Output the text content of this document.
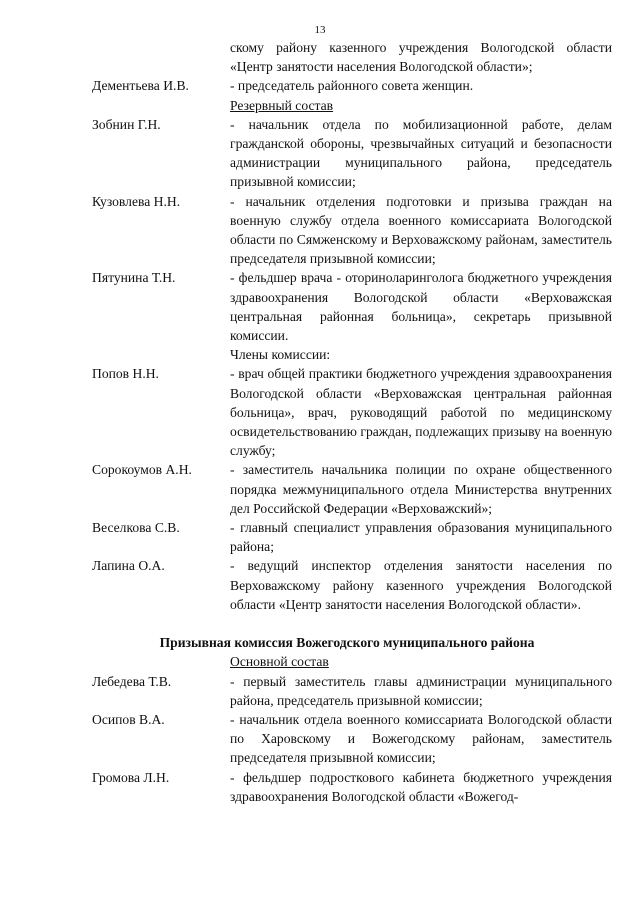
13
скому району казенного учреждения Вологодской области «Центр занятости населения Вологодской области»;
Дементьева И.В.	- председатель районного совета женщин.
Резервный состав
Зобнин Г.Н.	- начальник отдела по мобилизационной работе, делам гражданской обороны, чрезвычайных ситуаций и безопасности администрации муниципального района, председатель призывной комиссии;
Кузовлева Н.Н.	- начальник отделения подготовки и призыва граждан на военную службу отдела военного комиссариата Вологодской области по Сямженскому и Верховажскому районам, заместитель председателя призывной комиссии;
Пятунина Т.Н.	- фельдшер врача - оториноларинголога бюджетного учреждения здравоохранения Вологодской области «Верховажская центральная районная больница», секретарь призывной комиссии.
Члены комиссии:
Попов Н.Н.	- врач общей практики бюджетного учреждения здравоохранения Вологодской области «Верховажская центральная районная больница», врач, руководящий работой по медицинскому освидетельствованию граждан, подлежащих призыву на военную службу;
Сорокоумов А.Н.	- заместитель начальника полиции по охране общественного порядка межмуниципального отдела Министерства внутренних дел Российской Федерации «Верховажский»;
Веселкова С.В.	- главный специалист управления образования муниципального района;
Лапина О.А.	- ведущий инспектор отделения занятости населения по Верховажскому району казенного учреждения Вологодской области «Центр занятости населения Вологодской области».
Призывная комиссия Вожегодского муниципального района
Основной состав
Лебедева Т.В.	- первый заместитель главы администрации муниципального района, председатель призывной комиссии;
Осипов В.А.	- начальник отдела военного комиссариата Вологодской области по Харовскому и Вожегодскому районам, заместитель председателя призывной комиссии;
Громова Л.Н.	- фельдшер подросткового кабинета бюджетного учреждения здравоохранения Вологодской области «Вожегод-
